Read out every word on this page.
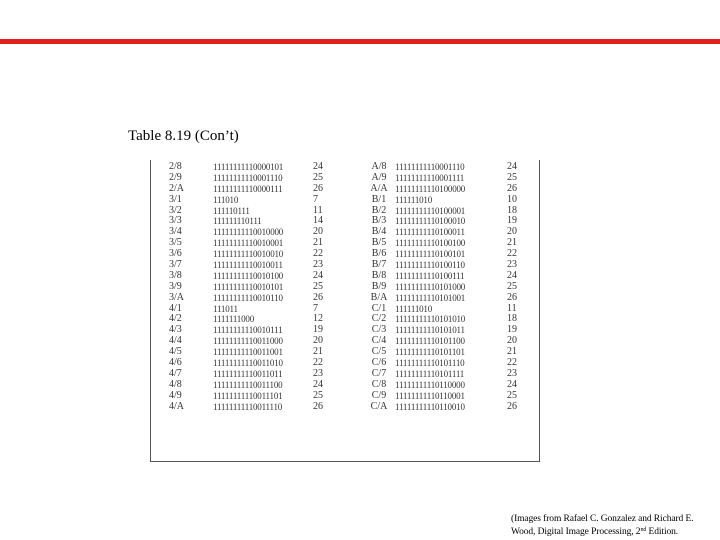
Table 8.19 (Con’t)
2/8	11111111110000101	24	A/8 11111111110001110	24
2/9	11111111110001110	25	A/9 11111111110001111	25
2/A	11111111110000111	26	A/A 11111111110100000	26
3/1	111010	7	B/1 111111010	10
3/2	111110111	11	B/2 11111111110100001	18
3/3	111111110111	14	B/3 11111111110100010	19
3/4	11111111110010000	20	B/4 11111111110100011	20
3/5	11111111110010001	21	B/5 11111111110100100	21
3/6	11111111110010010	22	B/6 11111111110100101	22
3/7	11111111110010011	23	B/7 11111111110100110	23
3/8	11111111110010100	24	B/8 11111111110100111	24
3/9	11111111110010101	25	B/9 11111111110101000	25
3/A	11111111110010110	26	B/A 11111111110101001	26
4/1	111011	7	C/1 111111010	11
4/2	1111111000	12	C/2 11111111110101010	18
4/3	11111111110010111	19	C/3 11111111110101011	19
4/4	11111111110011000	20	C/4 11111111110101100	20
4/5	11111111110011001	21	C/5 11111111110101101	21
4/6	11111111110011010	22	C/6 11111111110101110	22
4/7	11111111110011011	23	C/7 11111111110101111	23
4/8	11111111110011100	24	C/8 11111111110110000	24
4/9	11111111110011101	25	C/9 11111111110110001	25
4/A	11111111110011110	26	C/A 11111111110110010	26
(Images from Rafael C. Gonzalez and Richard E.
Wood, Digital Image Processing, 2nd Edition.
